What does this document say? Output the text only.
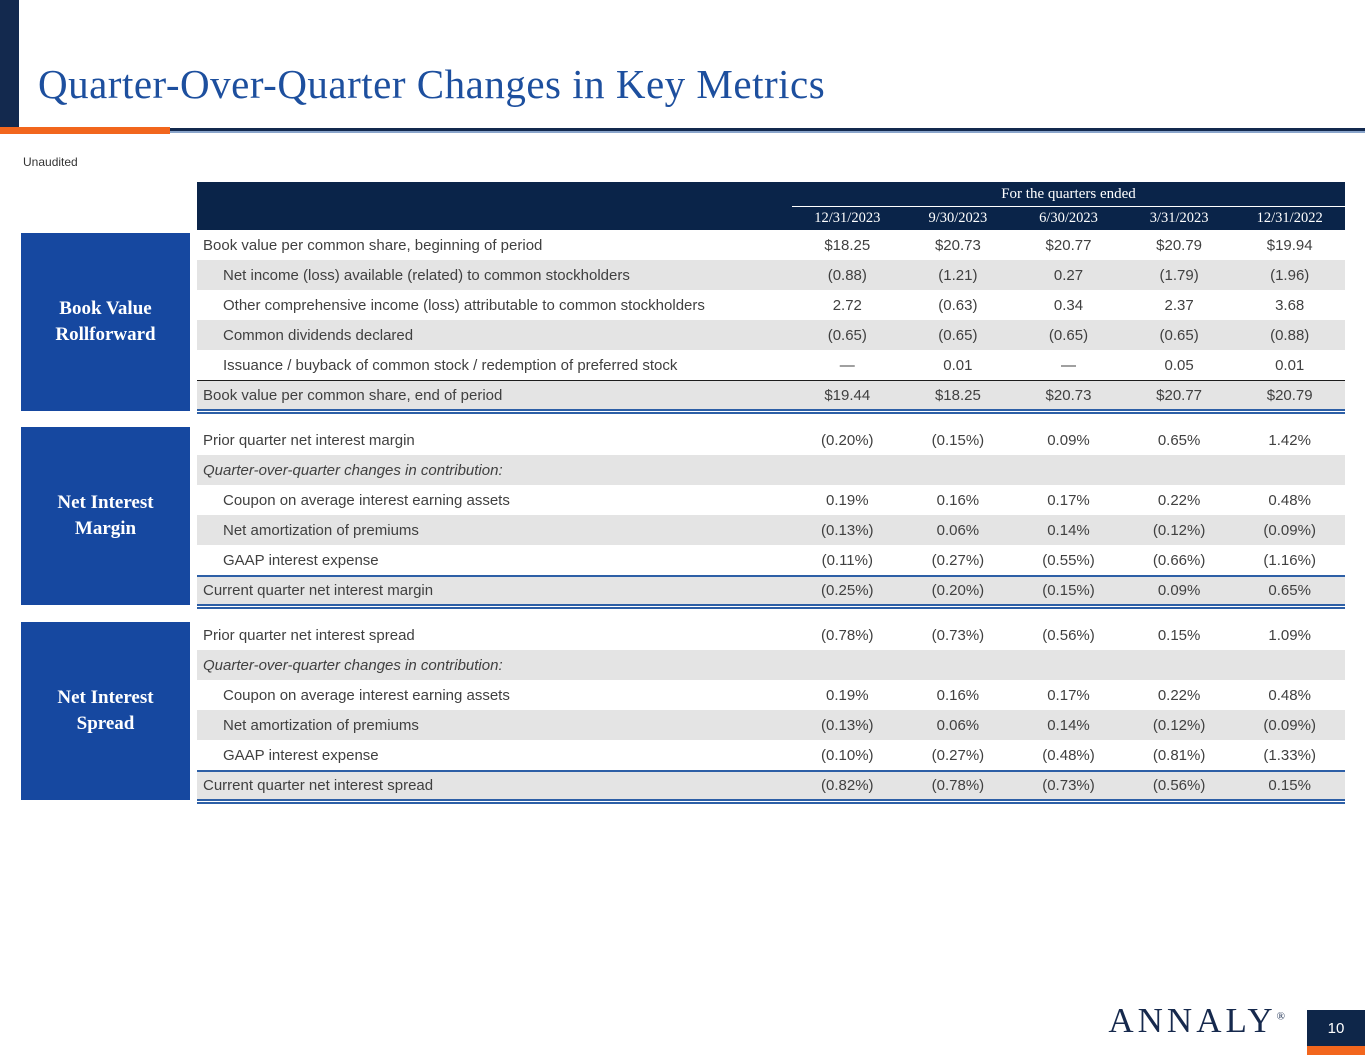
Quarter-Over-Quarter Changes in Key Metrics
Unaudited
For the quarters ended
12/31/2023	9/30/2023	6/30/2023	3/31/2023	12/31/2022
Book value per common share, beginning of period	$18.25	$20.73	$20.77	$20.79	$19.94
Net income (loss) available (related) to common stockholders	(0.88)	(1.21)	0.27	(1.79)	(1.96)
Other comprehensive income (loss) attributable to common stockholders	2.72	(0.63)	0.34	2.37	3.68
Common dividends declared	(0.65)	(0.65)	(0.65)	(0.65)	(0.88)
Issuance / buyback of common stock / redemption of preferred stock	—	0.01	—	0.05	0.01
Book value per common share, end of period	$19.44	$18.25	$20.73	$20.77	$20.79
Prior quarter net interest margin	(0.20%)	(0.15%)	0.09%	0.65%	1.42%
Quarter-over-quarter changes in contribution:
Coupon on average interest earning assets	0.19%	0.16%	0.17%	0.22%	0.48%
Net amortization of premiums	(0.13%)	0.06%	0.14%	(0.12%)	(0.09%)
GAAP interest expense	(0.11%)	(0.27%)	(0.55%)	(0.66%)	(1.16%)
Current quarter net interest margin	(0.25%)	(0.20%)	(0.15%)	0.09%	0.65%
Prior quarter net interest spread	(0.78%)	(0.73%)	(0.56%)	0.15%	1.09%
Quarter-over-quarter changes in contribution:
Coupon on average interest earning assets	0.19%	0.16%	0.17%	0.22%	0.48%
Net amortization of premiums	(0.13%)	0.06%	0.14%	(0.12%)	(0.09%)
GAAP interest expense	(0.10%)	(0.27%)	(0.48%)	(0.81%)	(1.33%)
Current quarter net interest spread	(0.82%)	(0.78%)	(0.73%)	(0.56%)	0.15%
ANNALY®
10
Book Value Rollforward
Net Interest Margin
Net Interest Spread
